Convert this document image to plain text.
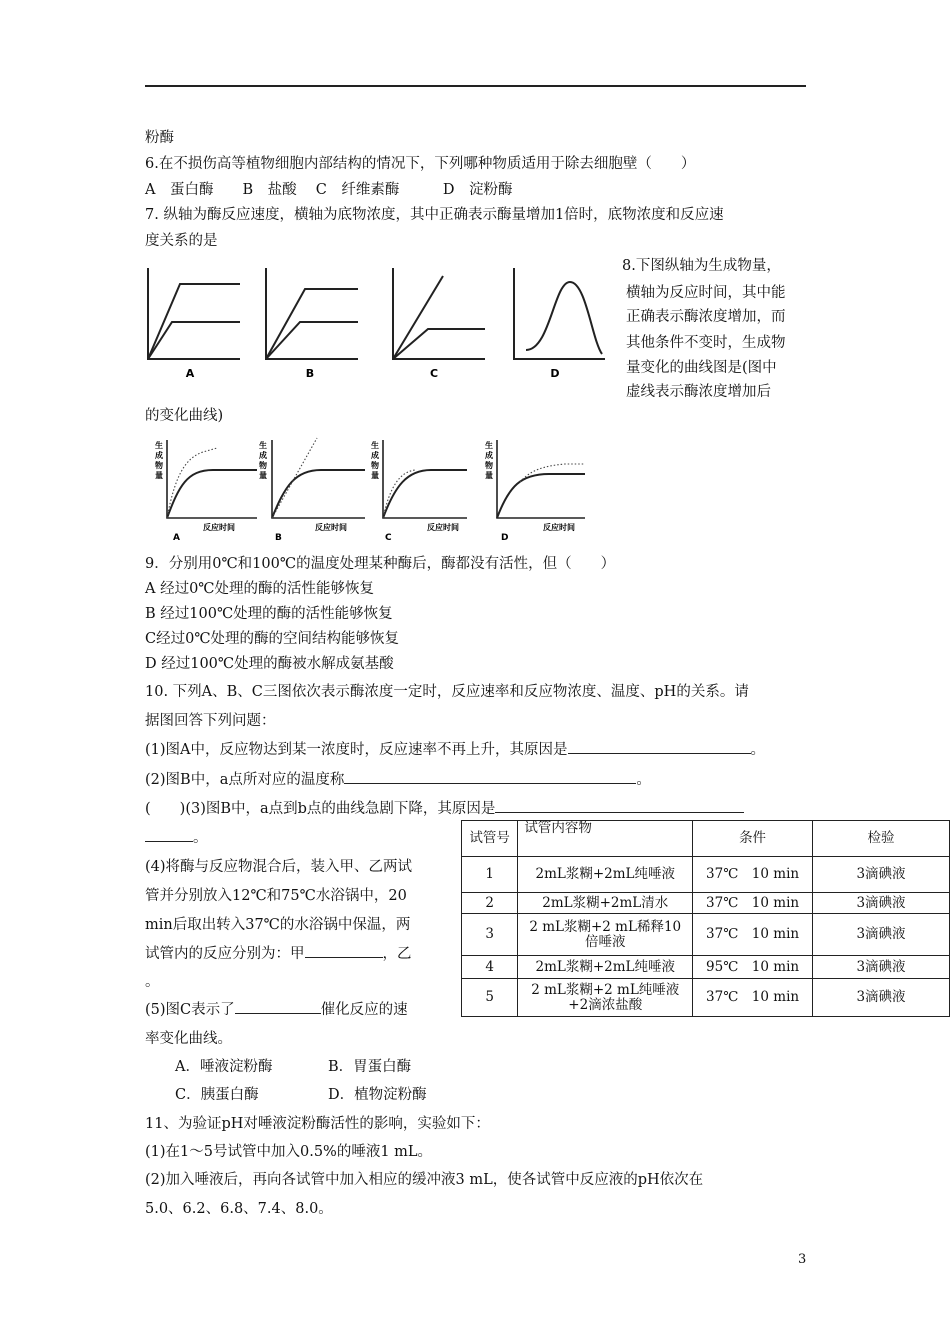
粉酶
6.在不损伤高等植物细胞内部结构的情况下，下列哪种物质适用于除去细胞壁（　　）
A　蛋白酶　　B　盐酸　 C　纤维素酶　　　D　淀粉酶
7. 纵轴为酶反应速度，横轴为底物浓度，其中正确表示酶量增加1倍时，底物浓度和反应速
度关系的是
A	B	C	D
8.下图纵轴为生成物量，
横轴为反应时间，其中能
正确表示酶浓度增加，而
其他条件不变时，生成物
量变化的曲线图是(图中
虚线表示酶浓度增加后
的变化曲线)
生
成
物
量
反应时间
A
生
成
物
量
反应时间
B
生
成
物
量
反应时间
C
生
成
物
量
反应时间
D
9．分别用0℃和100℃的温度处理某种酶后，酶都没有活性，但（　　）
A 经过0℃处理的酶的活性能够恢复
B 经过100℃处理的酶的活性能够恢复
C经过0℃处理的酶的空间结构能够恢复
D 经过100℃处理的酶被水解成氨基酸
10. 下列A、B、C三图依次表示酶浓度一定时，反应速率和反应物浓度、温度、pH的关系。请
据图回答下列问题：
(1)图A中，反应物达到某一浓度时，反应速率不再上升，其原因是	。
(2)图B中，a点所对应的温度称	。
(　　)(3)图B中，a点到b点的曲线急剧下降，其原因是
。
(4)将酶与反应物混合后，装入甲、乙两试
管并分别放入12℃和75℃水浴锅中，20
min后取出转入37℃的水浴锅中保温，两
试管内的反应分别为：甲	，乙
。
(5)图C表示了	催化反应的速
率变化曲线。
A．唾液淀粉酶	B．胃蛋白酶
C．胰蛋白酶	D．植物淀粉酶
试管号	试管内容物	条件	检验
1	2mL浆糊+2mL纯唾液	37℃　10 min	3滴碘液
2	2mL浆糊+2mL清水	37℃　10 min	3滴碘液
3	2 mL浆糊+2 mL稀释10
倍唾液	37℃　10 min	3滴碘液
4	2mL浆糊+2mL纯唾液	95℃　10 min	3滴碘液
5	2 mL浆糊+2 mL纯唾液
+2滴浓盐酸	37℃　10 min	3滴碘液
11、为验证pH对唾液淀粉酶活性的影响，实验如下：
(1)在1～5号试管中加入0.5%的唾液1 mL。
(2)加入唾液后，再向各试管中加入相应的缓冲液3 mL，使各试管中反应液的pH依次在
5.0、6.2、6.8、7.4、8.0。
3
